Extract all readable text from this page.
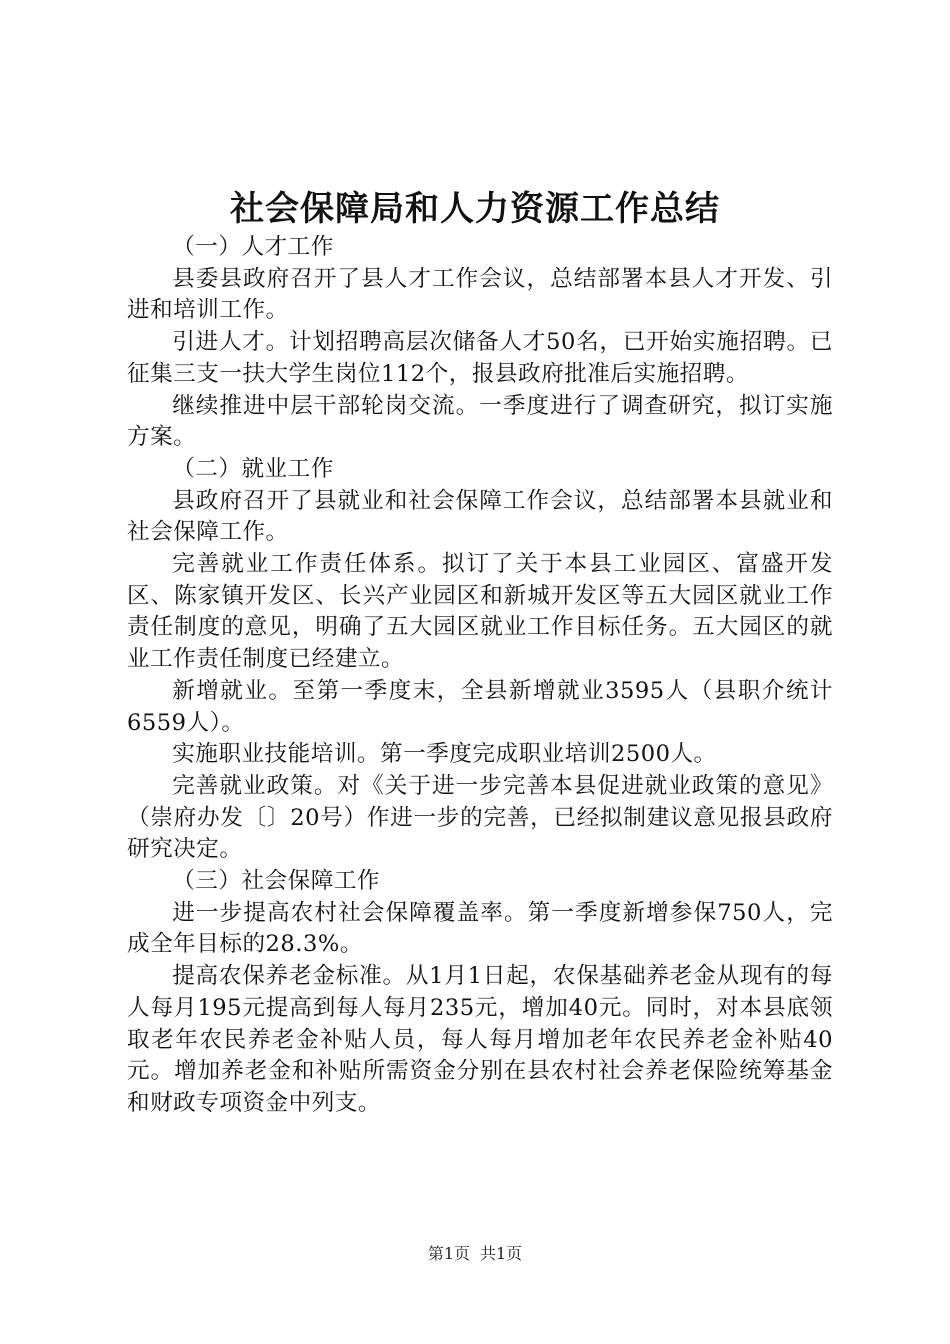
社会保障局和人力资源工作总结

（一）人才工作

县委县政府召开了县人才工作会议，总结部署本县人才开发、引进和培训工作。

引进人才。计划招聘高层次储备人才50名，已开始实施招聘。已征集三支一扶大学生岗位112个，报县政府批准后实施招聘。

继续推进中层干部轮岗交流。一季度进行了调查研究，拟订实施方案。

（二）就业工作

县政府召开了县就业和社会保障工作会议，总结部署本县就业和社会保障工作。

完善就业工作责任体系。拟订了关于本县工业园区、富盛开发区、陈家镇开发区、长兴产业园区和新城开发区等五大园区就业工作责任制度的意见，明确了五大园区就业工作目标任务。五大园区的就业工作责任制度已经建立。

新增就业。至第一季度末，全县新增就业3595人（县职介统计6559人）。

实施职业技能培训。第一季度完成职业培训2500人。

完善就业政策。对《关于进一步完善本县促进就业政策的意见》（崇府办发〔〕20号）作进一步的完善，已经拟制建议意见报县政府研究决定。

（三）社会保障工作

进一步提高农村社会保障覆盖率。第一季度新增参保750人，完成全年目标的28.3%。

提高农保养老金标准。从1月1日起，农保基础养老金从现有的每人每月195元提高到每人每月235元，增加40元。同时，对本县底领取老年农民养老金补贴人员，每人每月增加老年农民养老金补贴40元。增加养老金和补贴所需资金分别在县农村社会养老保险统筹基金和财政专项资金中列支。

第1页 共1页
